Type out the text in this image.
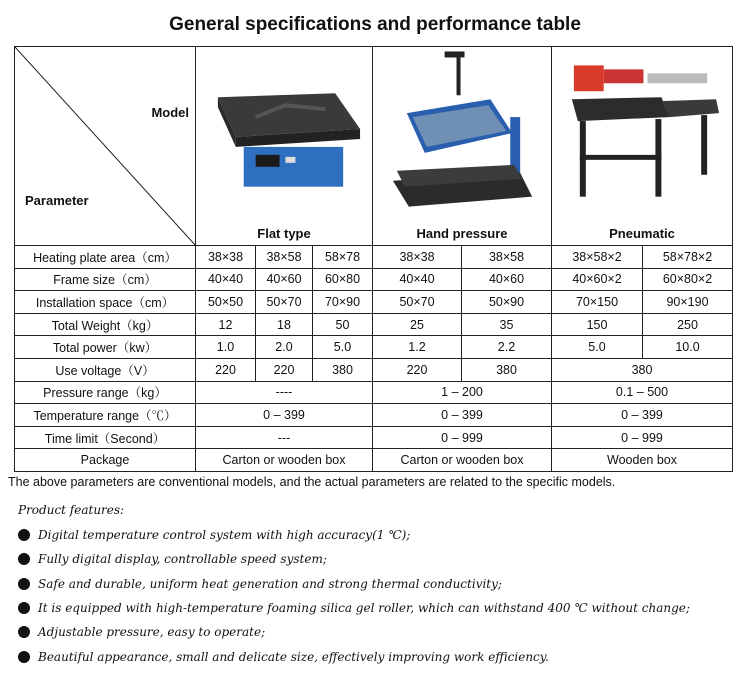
General specifications and performance table
Model
Parameter	Flat type			Hand pressure		Pneumatic	

Heating plate area（cm）	38×38	38×58	58×78	38×38	38×58	38×58×2	58×78×2
Frame size（cm）	40×40	40×60	60×80	40×40	40×60	40×60×2	60×80×2
Installation space（cm）	50×50	50×70	70×90	50×70	50×90	70×150	90×190
Total Weight（kg）	12	18	50	25	35	150	250
Total power（kw）	1.0	2.0	5.0	1.2	2.2	5.0	10.0
Use voltage（V）	220	220	380	220	380	380	
Pressure range（kg）	----			1 – 200		0.1 – 500	
Temperature range（℃）	0 – 399			0 – 399		0 – 399	
Time limit（Second）	---			0 – 999		0 – 999	
Package	Carton or wooden box			Carton or wooden box		Wooden box	
The above parameters are conventional models, and the actual parameters are related to the specific models.
Product features:
Digital temperature control system with high accuracy(1 ℃);
Fully digital display, controllable speed system;
Safe and durable, uniform heat generation and strong thermal conductivity;
It is equipped with high-temperature foaming silica gel roller, which can withstand 400 ℃ without change;
Adjustable pressure, easy to operate;
Beautiful appearance, small and delicate size, effectively improving work efficiency.
